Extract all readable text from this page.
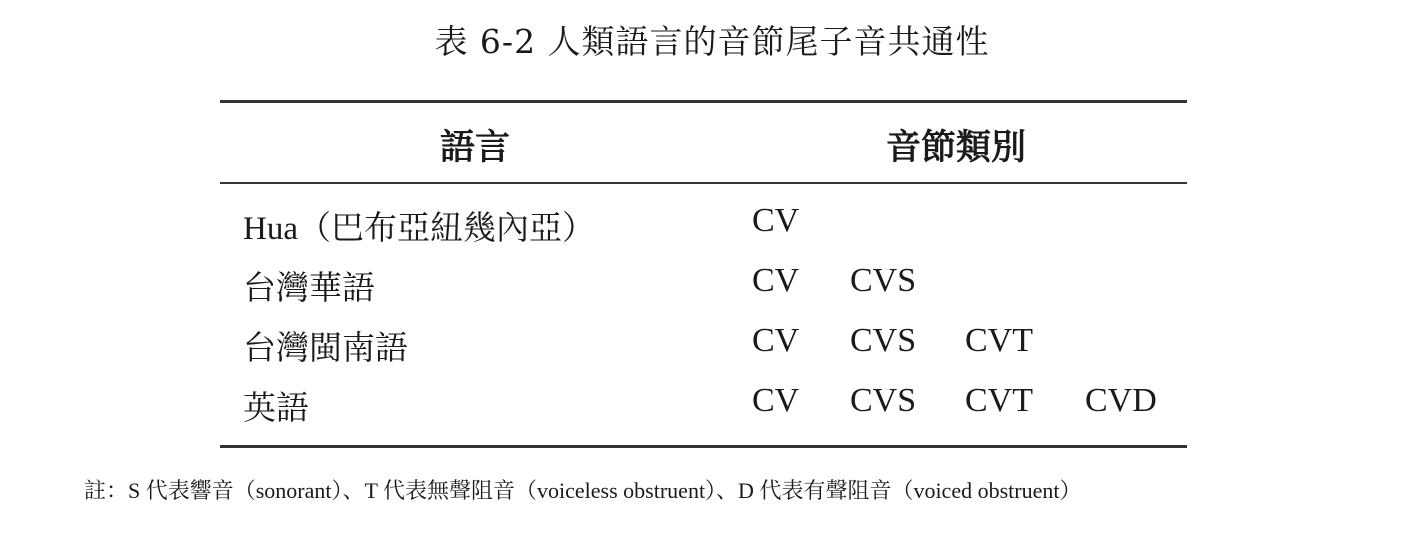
表 6-2 人類語言的音節尾子音共通性
語言	音節類別
Hua（巴布亞紐幾內亞）	CV
台灣華語	CV CVS
台灣閩南語	CV CVS CVT
英語	CV CVS CVT CVD
註：S 代表響音（sonorant）、T 代表無聲阻音（voiceless obstruent）、D 代表有聲阻音（voiced obstruent）
